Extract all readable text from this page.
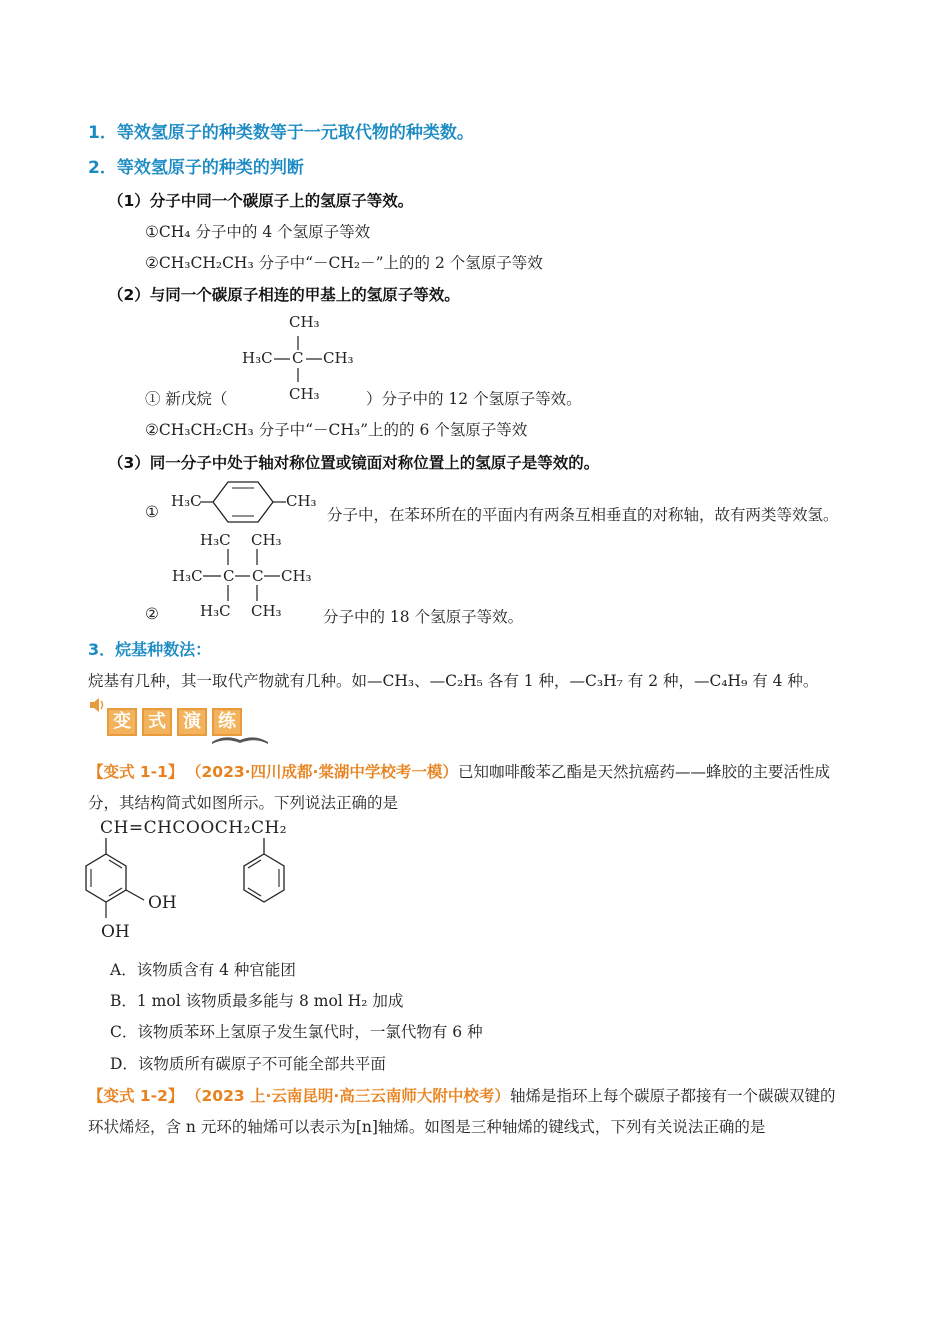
1．等效氢原子的种类数等于一元取代物的种类数。
2．等效氢原子的种类的判断
（1）分子中同一个碳原子上的氢原子等效。
①CH₄ 分子中的 4 个氢原子等效
②CH₃CH₂CH₃ 分子中“－CH₂－”上的的 2 个氢原子等效
（2）与同一个碳原子相连的甲基上的氢原子等效。
CH₃
H₃C C CH₃
CH₃
① 新戊烷（	）分子中的 12 个氢原子等效。
②CH₃CH₂CH₃ 分子中“－CH₃”上的的 6 个氢原子等效
（3）同一分子中处于轴对称位置或镜面对称位置上的氢原子是等效的。
①
H₃C	CH₃
分子中，在苯环所在的平面内有两条互相垂直的对称轴，故有两类等效氢。
H₃C CH₃
H₃C C C CH₃
H₃C CH₃
②	分子中的 18 个氢原子等效。
3．烷基种数法：
烷基有几种，其一取代产物就有几种。如—CH₃、—C₂H₅ 各有 1 种，—C₃H₇ 有 2 种，—C₄H₉ 有 4 种。
变 式 演 练
【变式 1-1】 （2023·四川成都·棠湖中学校考一模） 已知咖啡酸苯乙酯是天然抗癌药——蜂胶的主要活性成
分，其结构简式如图所示。下列说法正确的是
CH=CHCOOCH₂CH₂
OH
OH
A．该物质含有 4 种官能团
B．1 mol 该物质最多能与 8 mol H₂ 加成
C．该物质苯环上氢原子发生氯代时，一氯代物有 6 种
D．该物质所有碳原子不可能全部共平面
【变式 1-2】 （2023 上·云南昆明·高三云南师大附中校考） 轴烯是指环上每个碳原子都接有一个碳碳双键的
环状烯烃，含 n 元环的轴烯可以表示为[n]轴烯。如图是三种轴烯的键线式，下列有关说法正确的是
